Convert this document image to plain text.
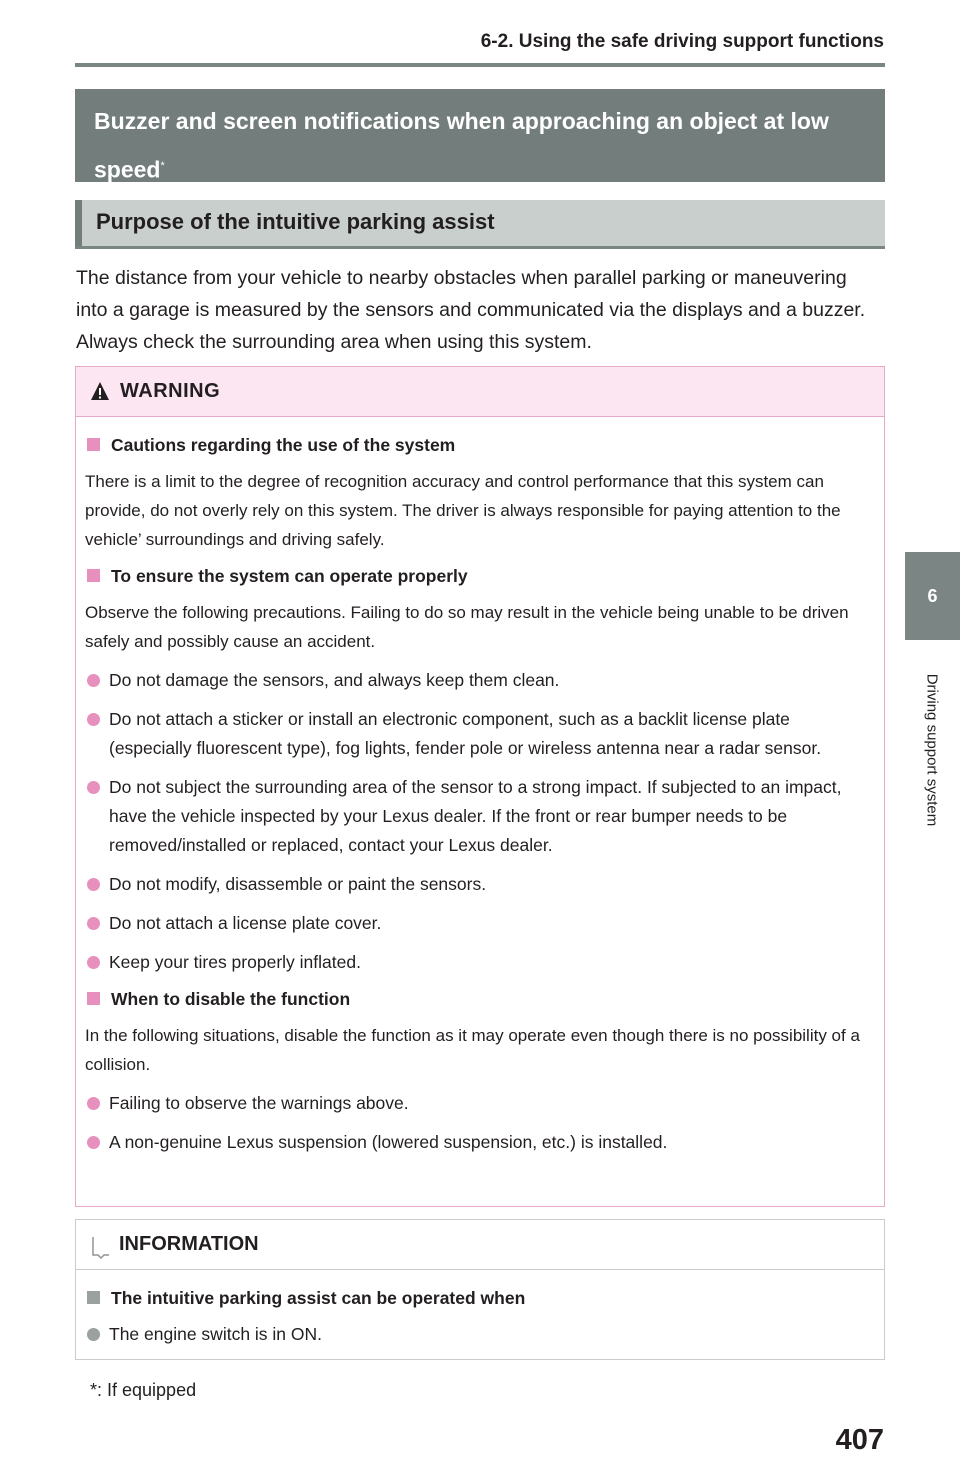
6-2. Using the safe driving support functions
6
Driving support system
Buzzer and screen notifications when approaching an object at low speed*
Purpose of the intuitive parking assist
The distance from your vehicle to nearby obstacles when parallel parking or maneuvering into a garage is measured by the sensors and communicated via the displays and a buzzer. Always check the surrounding area when using this system.
WARNING
Cautions regarding the use of the system
There is a limit to the degree of recognition accuracy and control performance that this system can provide, do not overly rely on this system. The driver is always responsible for paying attention to the vehicle’ surroundings and driving safely.
To ensure the system can operate properly
Observe the following precautions. Failing to do so may result in the vehicle being unable to be driven safely and possibly cause an accident.
Do not damage the sensors, and always keep them clean.
Do not attach a sticker or install an electronic component, such as a backlit license plate (especially fluorescent type), fog lights, fender pole or wireless antenna near a radar sensor.
Do not subject the surrounding area of the sensor to a strong impact. If subjected to an impact, have the vehicle inspected by your Lexus dealer. If the front or rear bumper needs to be removed/installed or replaced, contact your Lexus dealer.
Do not modify, disassemble or paint the sensors.
Do not attach a license plate cover.
Keep your tires properly inflated.
When to disable the function
In the following situations, disable the function as it may operate even though there is no possibility of a collision.
Failing to observe the warnings above.
A non-genuine Lexus suspension (lowered suspension, etc.) is installed.
INFORMATION
The intuitive parking assist can be operated when
The engine switch is in ON.
*: If equipped
407
